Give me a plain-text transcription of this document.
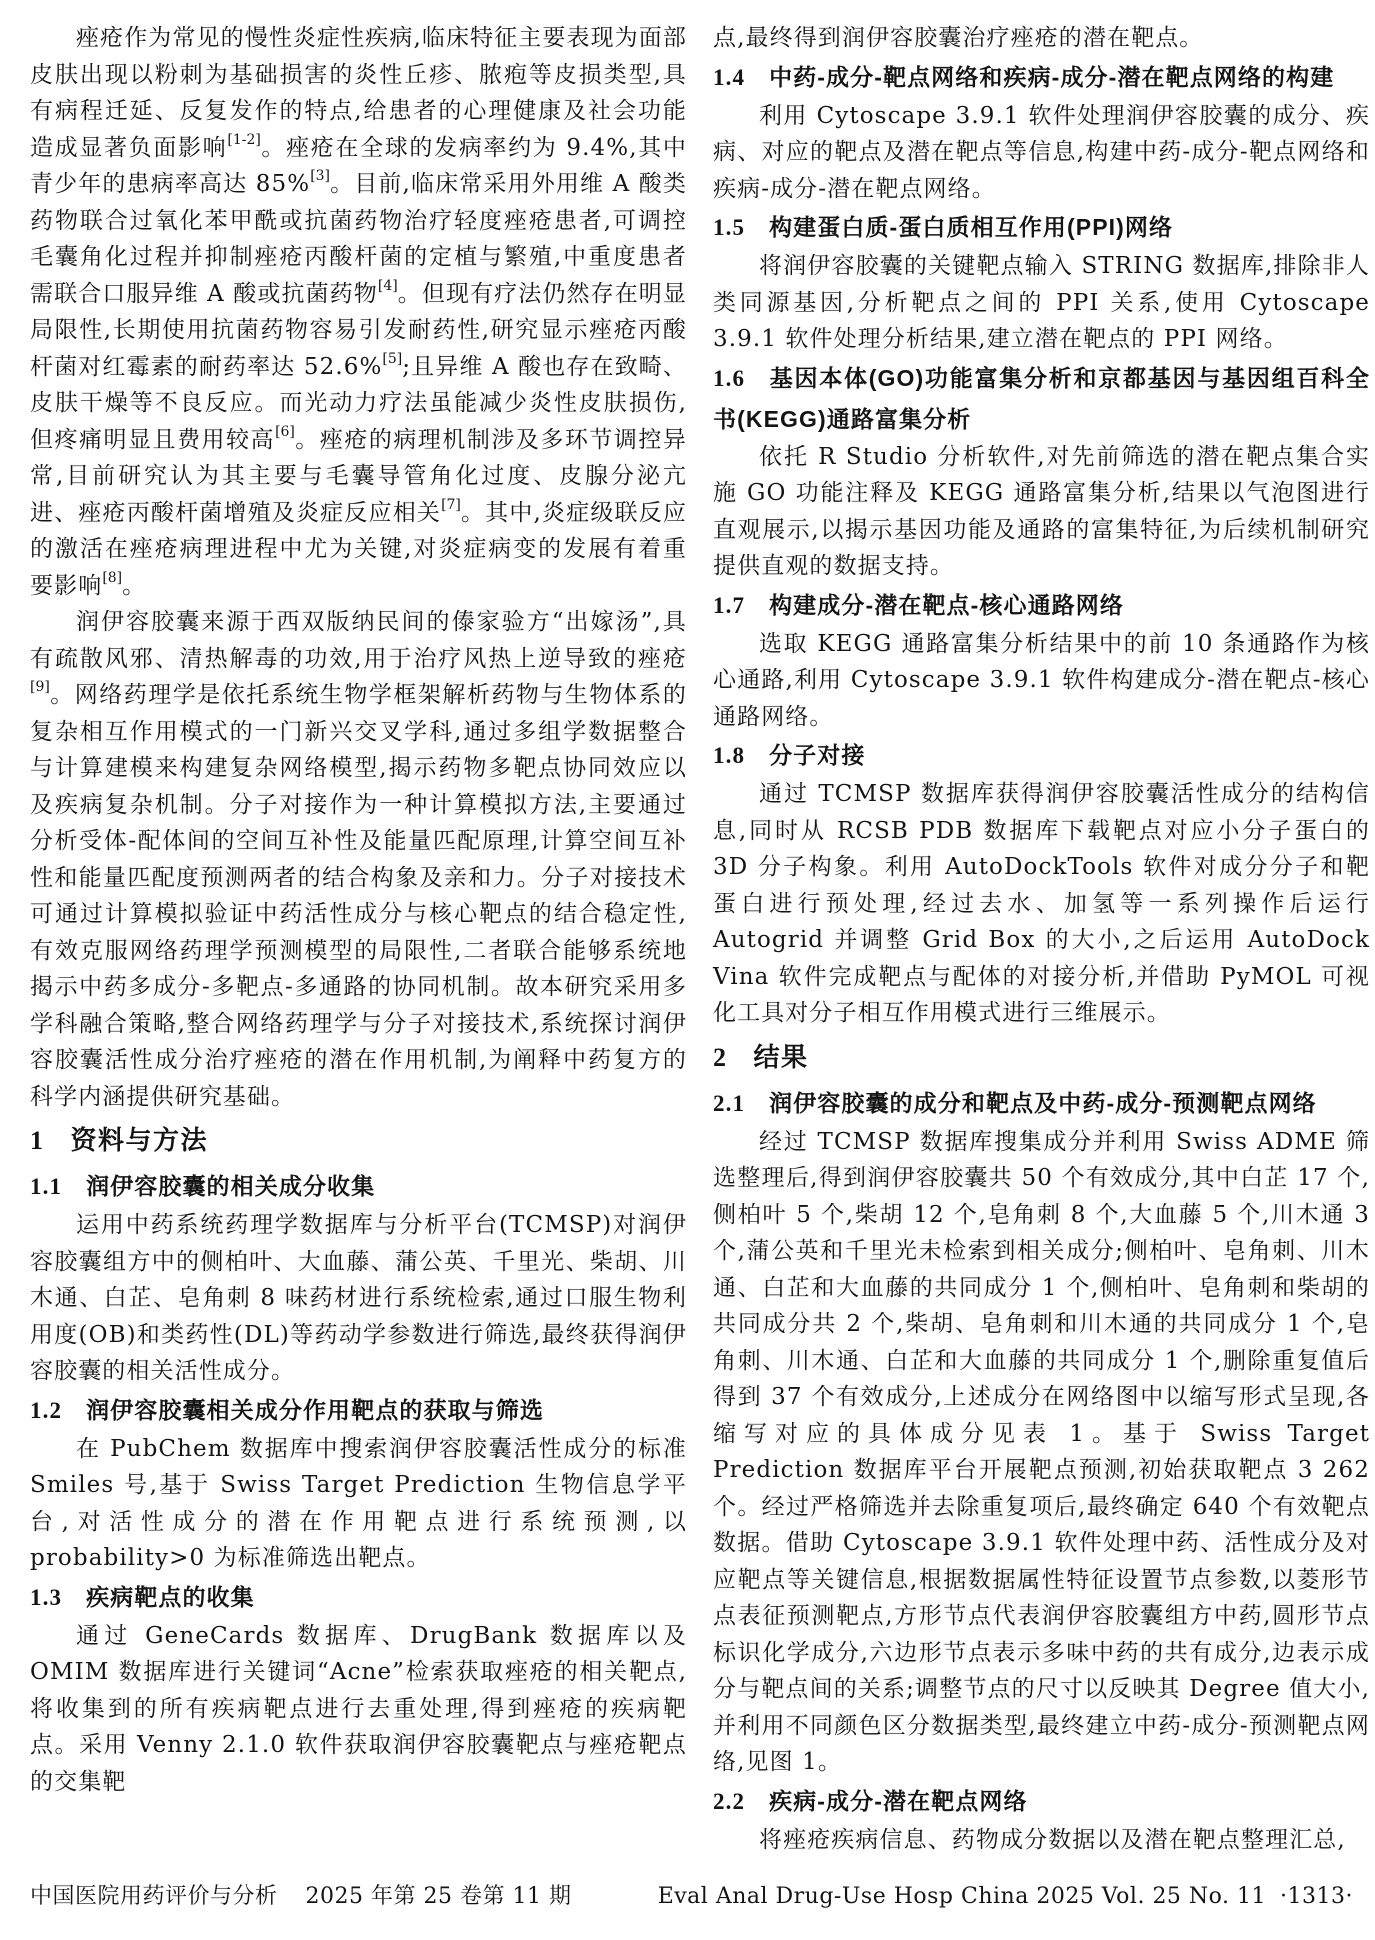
痤疮作为常见的慢性炎症性疾病,临床特征主要表现为面部皮肤出现以粉刺为基础损害的炎性丘疹、脓疱等皮损类型,具有病程迁延、反复发作的特点,给患者的心理健康及社会功能造成显著负面影响[1-2]。痤疮在全球的发病率约为 9.4%,其中青少年的患病率高达 85%[3]。目前,临床常采用外用维 A 酸类药物联合过氧化苯甲酰或抗菌药物治疗轻度痤疮患者,可调控毛囊角化过程并抑制痤疮丙酸杆菌的定植与繁殖,中重度患者需联合口服异维 A 酸或抗菌药物[4]。但现有疗法仍然存在明显局限性,长期使用抗菌药物容易引发耐药性,研究显示痤疮丙酸杆菌对红霉素的耐药率达 52.6%[5];且异维 A 酸也存在致畸、皮肤干燥等不良反应。而光动力疗法虽能减少炎性皮肤损伤,但疼痛明显且费用较高[6]。痤疮的病理机制涉及多环节调控异常,目前研究认为其主要与毛囊导管角化过度、皮腺分泌亢进、痤疮丙酸杆菌增殖及炎症反应相关[7]。其中,炎症级联反应的激活在痤疮病理进程中尤为关键,对炎症病变的发展有着重要影响[8]。

润伊容胶囊来源于西双版纳民间的傣家验方“出嫁汤”,具有疏散风邪、清热解毒的功效,用于治疗风热上逆导致的痤疮[9]。网络药理学是依托系统生物学框架解析药物与生物体系的复杂相互作用模式的一门新兴交叉学科,通过多组学数据整合与计算建模来构建复杂网络模型,揭示药物多靶点协同效应以及疾病复杂机制。分子对接作为一种计算模拟方法,主要通过分析受体-配体间的空间互补性及能量匹配原理,计算空间互补性和能量匹配度预测两者的结合构象及亲和力。分子对接技术可通过计算模拟验证中药活性成分与核心靶点的结合稳定性,有效克服网络药理学预测模型的局限性,二者联合能够系统地揭示中药多成分-多靶点-多通路的协同机制。故本研究采用多学科融合策略,整合网络药理学与分子对接技术,系统探讨润伊容胶囊活性成分治疗痤疮的潜在作用机制,为阐释中药复方的科学内涵提供研究基础。

1 资料与方法
1.1 润伊容胶囊的相关成分收集

运用中药系统药理学数据库与分析平台(TCMSP)对润伊容胶囊组方中的侧柏叶、大血藤、蒲公英、千里光、柴胡、川木通、白芷、皂角刺 8 味药材进行系统检索,通过口服生物利用度(OB)和类药性(DL)等药动学参数进行筛选,最终获得润伊容胶囊的相关活性成分。

1.2 润伊容胶囊相关成分作用靶点的获取与筛选

在 PubChem 数据库中搜索润伊容胶囊活性成分的标准 Smiles 号,基于 Swiss Target Prediction 生物信息学平台,对活性成分的潜在作用靶点进行系统预测,以 probability>0 为标准筛选出靶点。

1.3 疾病靶点的收集

通过 GeneCards 数据库、DrugBank 数据库以及 OMIM 数据库进行关键词“Acne”检索获取痤疮的相关靶点,将收集到的所有疾病靶点进行去重处理,得到痤疮的疾病靶点。采用 Venny 2.1.0 软件获取润伊容胶囊靶点与痤疮靶点的交集靶

点,最终得到润伊容胶囊治疗痤疮的潜在靶点。

1.4 中药-成分-靶点网络和疾病-成分-潜在靶点网络的构建

利用 Cytoscape 3.9.1 软件处理润伊容胶囊的成分、疾病、对应的靶点及潜在靶点等信息,构建中药-成分-靶点网络和疾病-成分-潜在靶点网络。

1.5 构建蛋白质-蛋白质相互作用(PPI)网络

将润伊容胶囊的关键靶点输入 STRING 数据库,排除非人类同源基因,分析靶点之间的 PPI 关系,使用 Cytoscape 3.9.1 软件处理分析结果,建立潜在靶点的 PPI 网络。

1.6 基因本体(GO)功能富集分析和京都基因与基因组百科全书(KEGG)通路富集分析

依托 R Studio 分析软件,对先前筛选的潜在靶点集合实施 GO 功能注释及 KEGG 通路富集分析,结果以气泡图进行直观展示,以揭示基因功能及通路的富集特征,为后续机制研究提供直观的数据支持。

1.7 构建成分-潜在靶点-核心通路网络

选取 KEGG 通路富集分析结果中的前 10 条通路作为核心通路,利用 Cytoscape 3.9.1 软件构建成分-潜在靶点-核心通路网络。

1.8 分子对接

通过 TCMSP 数据库获得润伊容胶囊活性成分的结构信息,同时从 RCSB PDB 数据库下载靶点对应小分子蛋白的 3D 分子构象。利用 AutoDockTools 软件对成分分子和靶蛋白进行预处理,经过去水、加氢等一系列操作后运行 Autogrid 并调整 Grid Box 的大小,之后运用 AutoDock Vina 软件完成靶点与配体的对接分析,并借助 PyMOL 可视化工具对分子相互作用模式进行三维展示。

2 结果
2.1 润伊容胶囊的成分和靶点及中药-成分-预测靶点网络

经过 TCMSP 数据库搜集成分并利用 Swiss ADME 筛选整理后,得到润伊容胶囊共 50 个有效成分,其中白芷 17 个,侧柏叶 5 个,柴胡 12 个,皂角刺 8 个,大血藤 5 个,川木通 3 个,蒲公英和千里光未检索到相关成分;侧柏叶、皂角刺、川木通、白芷和大血藤的共同成分 1 个,侧柏叶、皂角刺和柴胡的共同成分共 2 个,柴胡、皂角刺和川木通的共同成分 1 个,皂角刺、川木通、白芷和大血藤的共同成分 1 个,删除重复值后得到 37 个有效成分,上述成分在网络图中以缩写形式呈现,各缩写对应的具体成分见表 1。基于 Swiss Target Prediction 数据库平台开展靶点预测,初始获取靶点 3 262 个。经过严格筛选并去除重复项后,最终确定 640 个有效靶点数据。借助 Cytoscape 3.9.1 软件处理中药、活性成分及对应靶点等关键信息,根据数据属性特征设置节点参数,以菱形节点表征预测靶点,方形节点代表润伊容胶囊组方中药,圆形节点标识化学成分,六边形节点表示多味中药的共有成分,边表示成分与靶点间的关系;调整节点的尺寸以反映其 Degree 值大小,并利用不同颜色区分数据类型,最终建立中药-成分-预测靶点网络,见图 1。

2.2 疾病-成分-潜在靶点网络

将痤疮疾病信息、药物成分数据以及潜在靶点整理汇总,

中国医院用药评价与分析 2025 年第 25 卷第 11 期	Eval Anal Drug-Use Hosp China 2025 Vol. 25 No. 11 ·1313·
